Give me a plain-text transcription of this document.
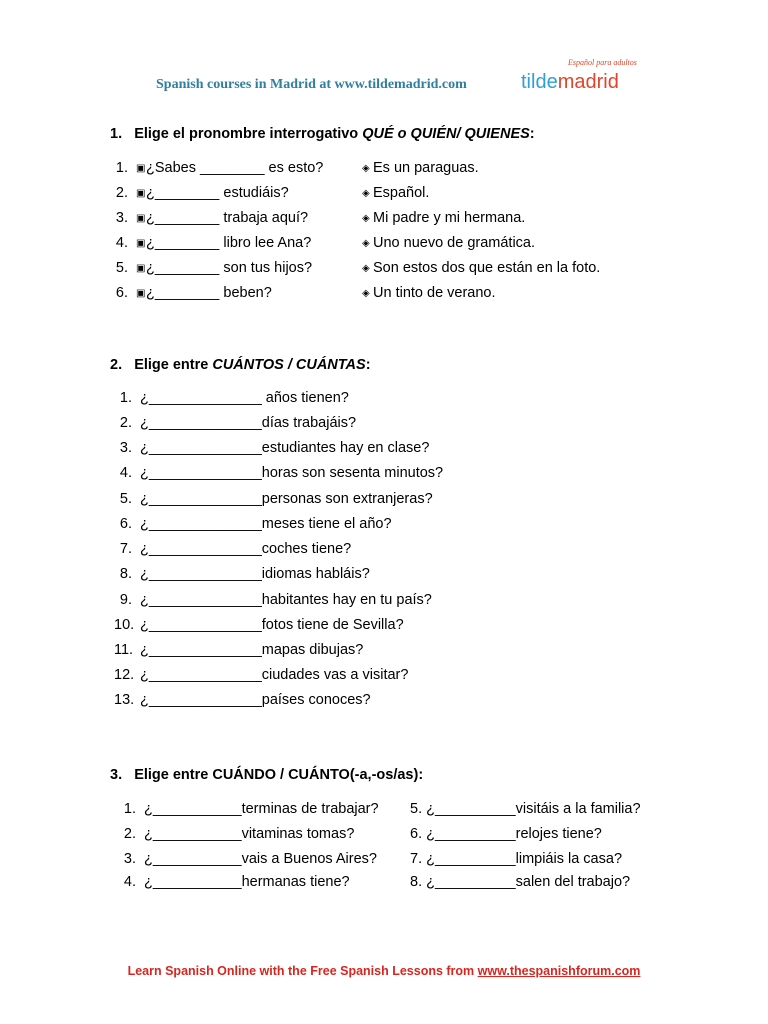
Spanish courses in Madrid at www.tildemadrid.com
Español para adultos
tildemadrid
1. Elige el pronombre interrogativo QUÉ o QUIÉN/ QUIENES:
1. ▣¿Sabes ________ es esto?	◈ Es un paraguas.
2. ▣¿________ estudiáis?	◈ Español.
3. ▣¿________ trabaja aquí?	◈ Mi padre y mi hermana.
4. ▣¿________ libro lee Ana?	◈ Uno nuevo de gramática.
5. ▣¿________ son tus hijos?	◈ Son estos dos que están en la foto.
6. ▣¿________ beben?	◈ Un tinto de verano.
2. Elige entre CUÁNTOS / CUÁNTAS:
1. ¿______________ años tienen?
2. ¿______________días trabajáis?
3. ¿______________estudiantes hay en clase?
4. ¿______________horas son sesenta minutos?
5. ¿______________personas son extranjeras?
6. ¿______________meses tiene el año?
7. ¿______________coches tiene?
8. ¿______________idiomas habláis?
9. ¿______________habitantes hay en tu país?
10. ¿______________fotos tiene de Sevilla?
11. ¿______________mapas dibujas?
12. ¿______________ciudades vas a visitar?
13. ¿______________países conoces?
3. Elige entre CUÁNDO / CUÁNTO(-a,-os/as):
1. ¿___________terminas de trabajar?
2. ¿___________vitaminas tomas?
3. ¿___________vais a Buenos Aires?
4. ¿___________hermanas tiene?
5. ¿__________visitáis a la familia?
6. ¿__________relojes tiene?
7. ¿__________limpiáis la casa?
8. ¿__________salen del trabajo?
Learn Spanish Online with the Free Spanish Lessons from www.thespanishforum.com
